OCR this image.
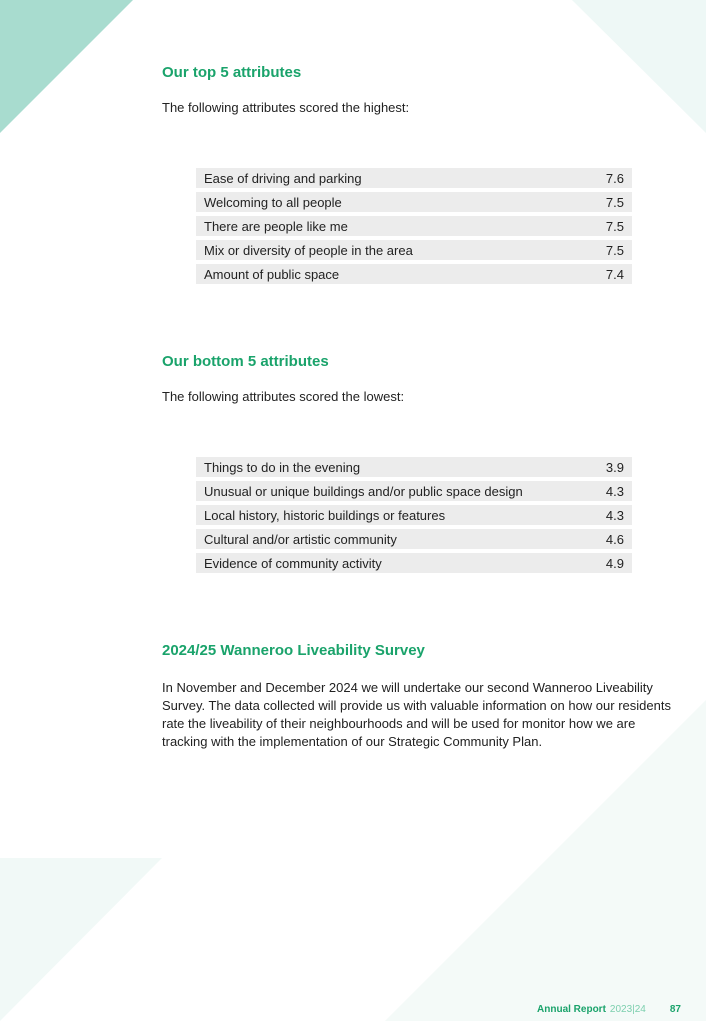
Our top 5 attributes

The following attributes scored the highest:

Ease of driving and parking	7.6
Welcoming to all people	7.5
There are people like me	7.5
Mix or diversity of people in the area	7.5
Amount of public space	7.4
Our bottom 5 attributes

The following attributes scored the lowest:

Things to do in the evening	3.9
Unusual or unique buildings and/or public space design	4.3
Local history, historic buildings or features	4.3
Cultural and/or artistic community	4.6
Evidence of community activity	4.9
2024/25 Wanneroo Liveability Survey

In November and December 2024 we will undertake our second Wanneroo Liveability Survey. The data collected will provide us with valuable information on how our residents rate the liveability of their neighbourhoods and will be used for monitor how we are tracking with the implementation of our Strategic Community Plan.

Annual Report 2023|24 87
